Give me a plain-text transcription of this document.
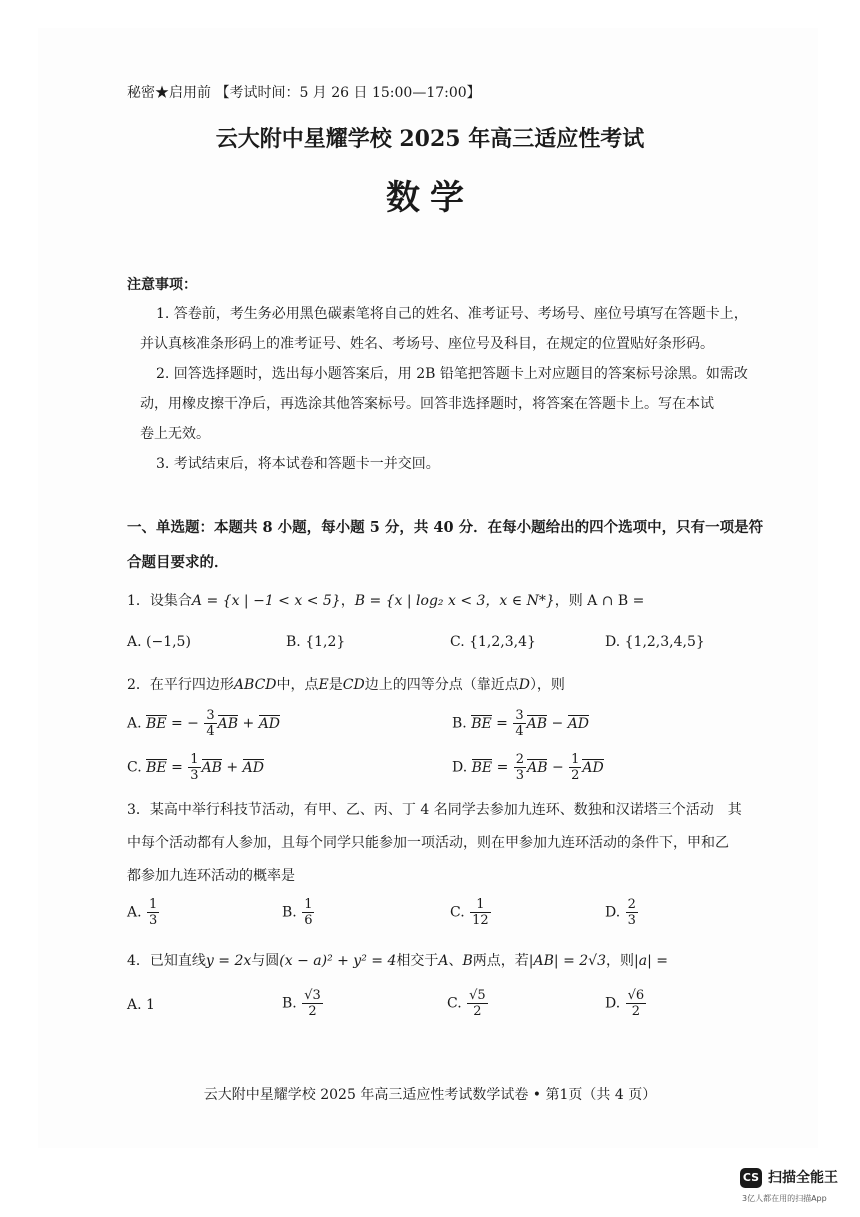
秘密★启用前 【考试时间：5 月 26 日 15:00—17:00】
云大附中星耀学校 2025 年高三适应性考试
数学
注意事项：
1. 答卷前，考生务必用黑色碳素笔将自己的姓名、准考证号、考场号、座位号填写在答题卡上，
并认真核准条形码上的准考证号、姓名、考场号、座位号及科目，在规定的位置贴好条形码。
2. 回答选择题时，选出每小题答案后，用 2B 铅笔把答题卡上对应题目的答案标号涂黑。如需改
动，用橡皮擦干净后，再选涂其他答案标号。回答非选择题时，将答案在答题卡上。写在本试
卷上无效。
3. 考试结束后，将本试卷和答题卡一并交回。
一、单选题：本题共 8 小题，每小题 5 分，共 40 分．在每小题给出的四个选项中，只有一项是符
合题目要求的．
1．设集合A = {x | −1 < x < 5}，B = {x | log₂ x < 3，x ∈ N*}，则 A ∩ B =
A. (−1,5)	B. {1,2}	C. {1,2,3,4}	D. {1,2,3,4,5}
2．在平行四边形ABCD中，点E是CD边上的四等分点（靠近点D），则
A. BE = − $\frac{3}{4}$ AB + AD	B. BE = $\frac{3}{4}$ AB − AD
C. BE = $\frac{1}{3}$ AB + AD	D. BE = $\frac{2}{3}$ AB − $\frac{1}{2}$ AD
3．某高中举行科技节活动，有甲、乙、丙、丁 4 名同学去参加九连环、数独和汉诺塔三个活动　其
中每个活动都有人参加，且每个同学只能参加一项活动，则在甲参加九连环活动的条件下，甲和乙
都参加九连环活动的概率是
A. $\frac{1}{3}$	B. $\frac{1}{6}$	C. $\frac{1}{12}$	D. $\frac{2}{3}$
4．已知直线y = 2x与圆(x − a)² + y² = 4相交于A、B两点，若|AB| = 2√3，则|a| =
A. 1	B. $\frac{√3}{2}$	C. $\frac{√5}{2}$	D. $\frac{√6}{2}$
云大附中星耀学校 2025 年高三适应性考试数学试卷 • 第1页（共 4 页）
CS 扫描全能王
3亿人都在用的扫描App
